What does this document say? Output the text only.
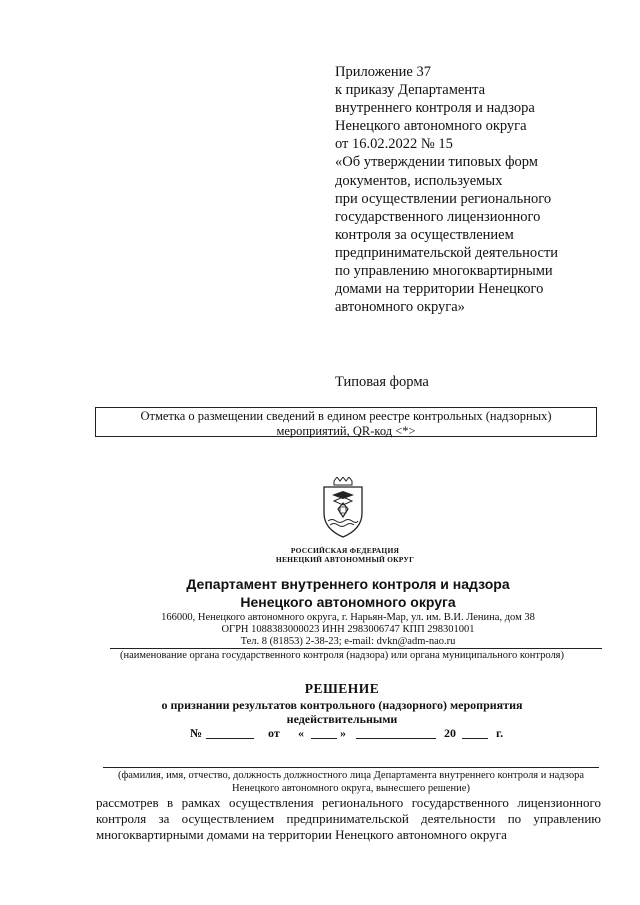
Приложение 37
к приказу Департамента
внутреннего контроля и надзора
Ненецкого автономного округа
от 16.02.2022 № 15
«Об утверждении типовых форм
документов, используемых
при осуществлении регионального
государственного лицензионного
контроля за осуществлением
предпринимательской деятельности
по управлению многоквартирными
домами на территории Ненецкого
автономного округа»
Типовая форма
Отметка о размещении сведений в едином реестре контрольных (надзорных)
мероприятий, QR-код <*>
РОССИЙСКАЯ ФЕДЕРАЦИЯ
НЕНЕЦКИЙ АВТОНОМНЫЙ ОКРУГ
Департамент внутреннего контроля и надзора
Ненецкого автономного округа
166000, Ненецкого автономного округа, г. Нарьян-Мар, ул. им. В.И. Ленина, дом 38
ОГРН 1088383000023 ИНН 2983006747 КПП 298301001
Тел. 8 (81853) 2-38-23; e-mail: dvkn@adm-nao.ru
(наименование органа государственного контроля (надзора) или органа муниципального контроля)
РЕШЕНИЕ
о признании результатов контрольного (надзорного) мероприятия
недействительными
№	от «	»	20	г.
(фамилия, имя, отчество, должность должностного лица Департамента внутреннего контроля и надзора
Ненецкого автономного округа, вынесшего решение)
рассмотрев в рамках осуществления регионального государственного лицензионного
контроля за осуществлением предпринимательской деятельности по управлению
многоквартирными домами на территории Ненецкого автономного округа
